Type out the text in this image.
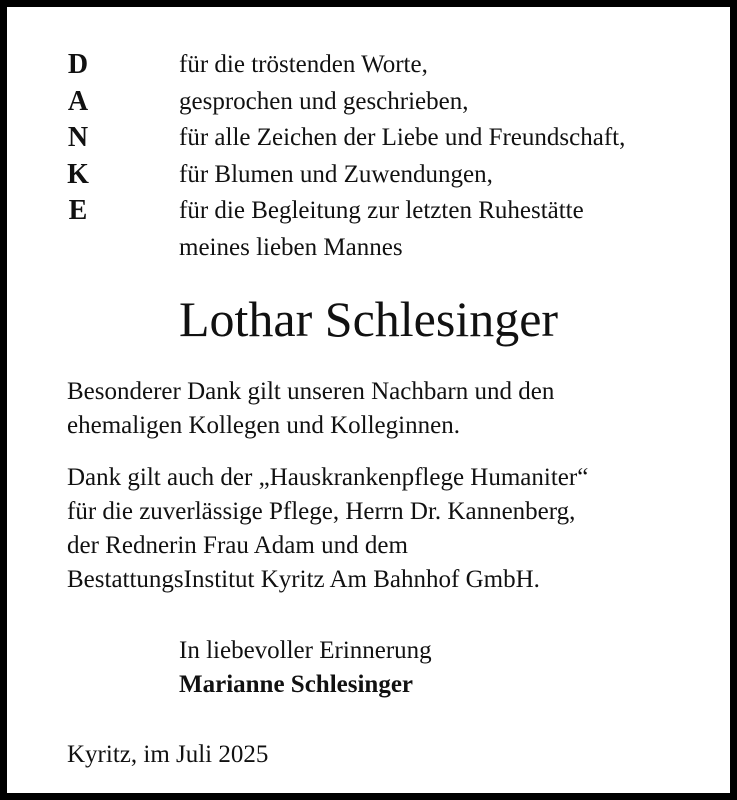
D
A
N
K
E
für die tröstenden Worte,
gesprochen und geschrieben,
für alle Zeichen der Liebe und Freundschaft,
für Blumen und Zuwendungen,
für die Begleitung zur letzten Ruhestätte
meines lieben Mannes
Lothar Schlesinger
Besonderer Dank gilt unseren Nachbarn und den
ehemaligen Kollegen und Kolleginnen.
Dank gilt auch der „Hauskrankenpflege Humaniter“
für die zuverlässige Pflege, Herrn Dr. Kannenberg,
der Rednerin Frau Adam und dem
BestattungsInstitut Kyritz Am Bahnhof GmbH.
In liebevoller Erinnerung
Marianne Schlesinger
Kyritz, im Juli 2025
